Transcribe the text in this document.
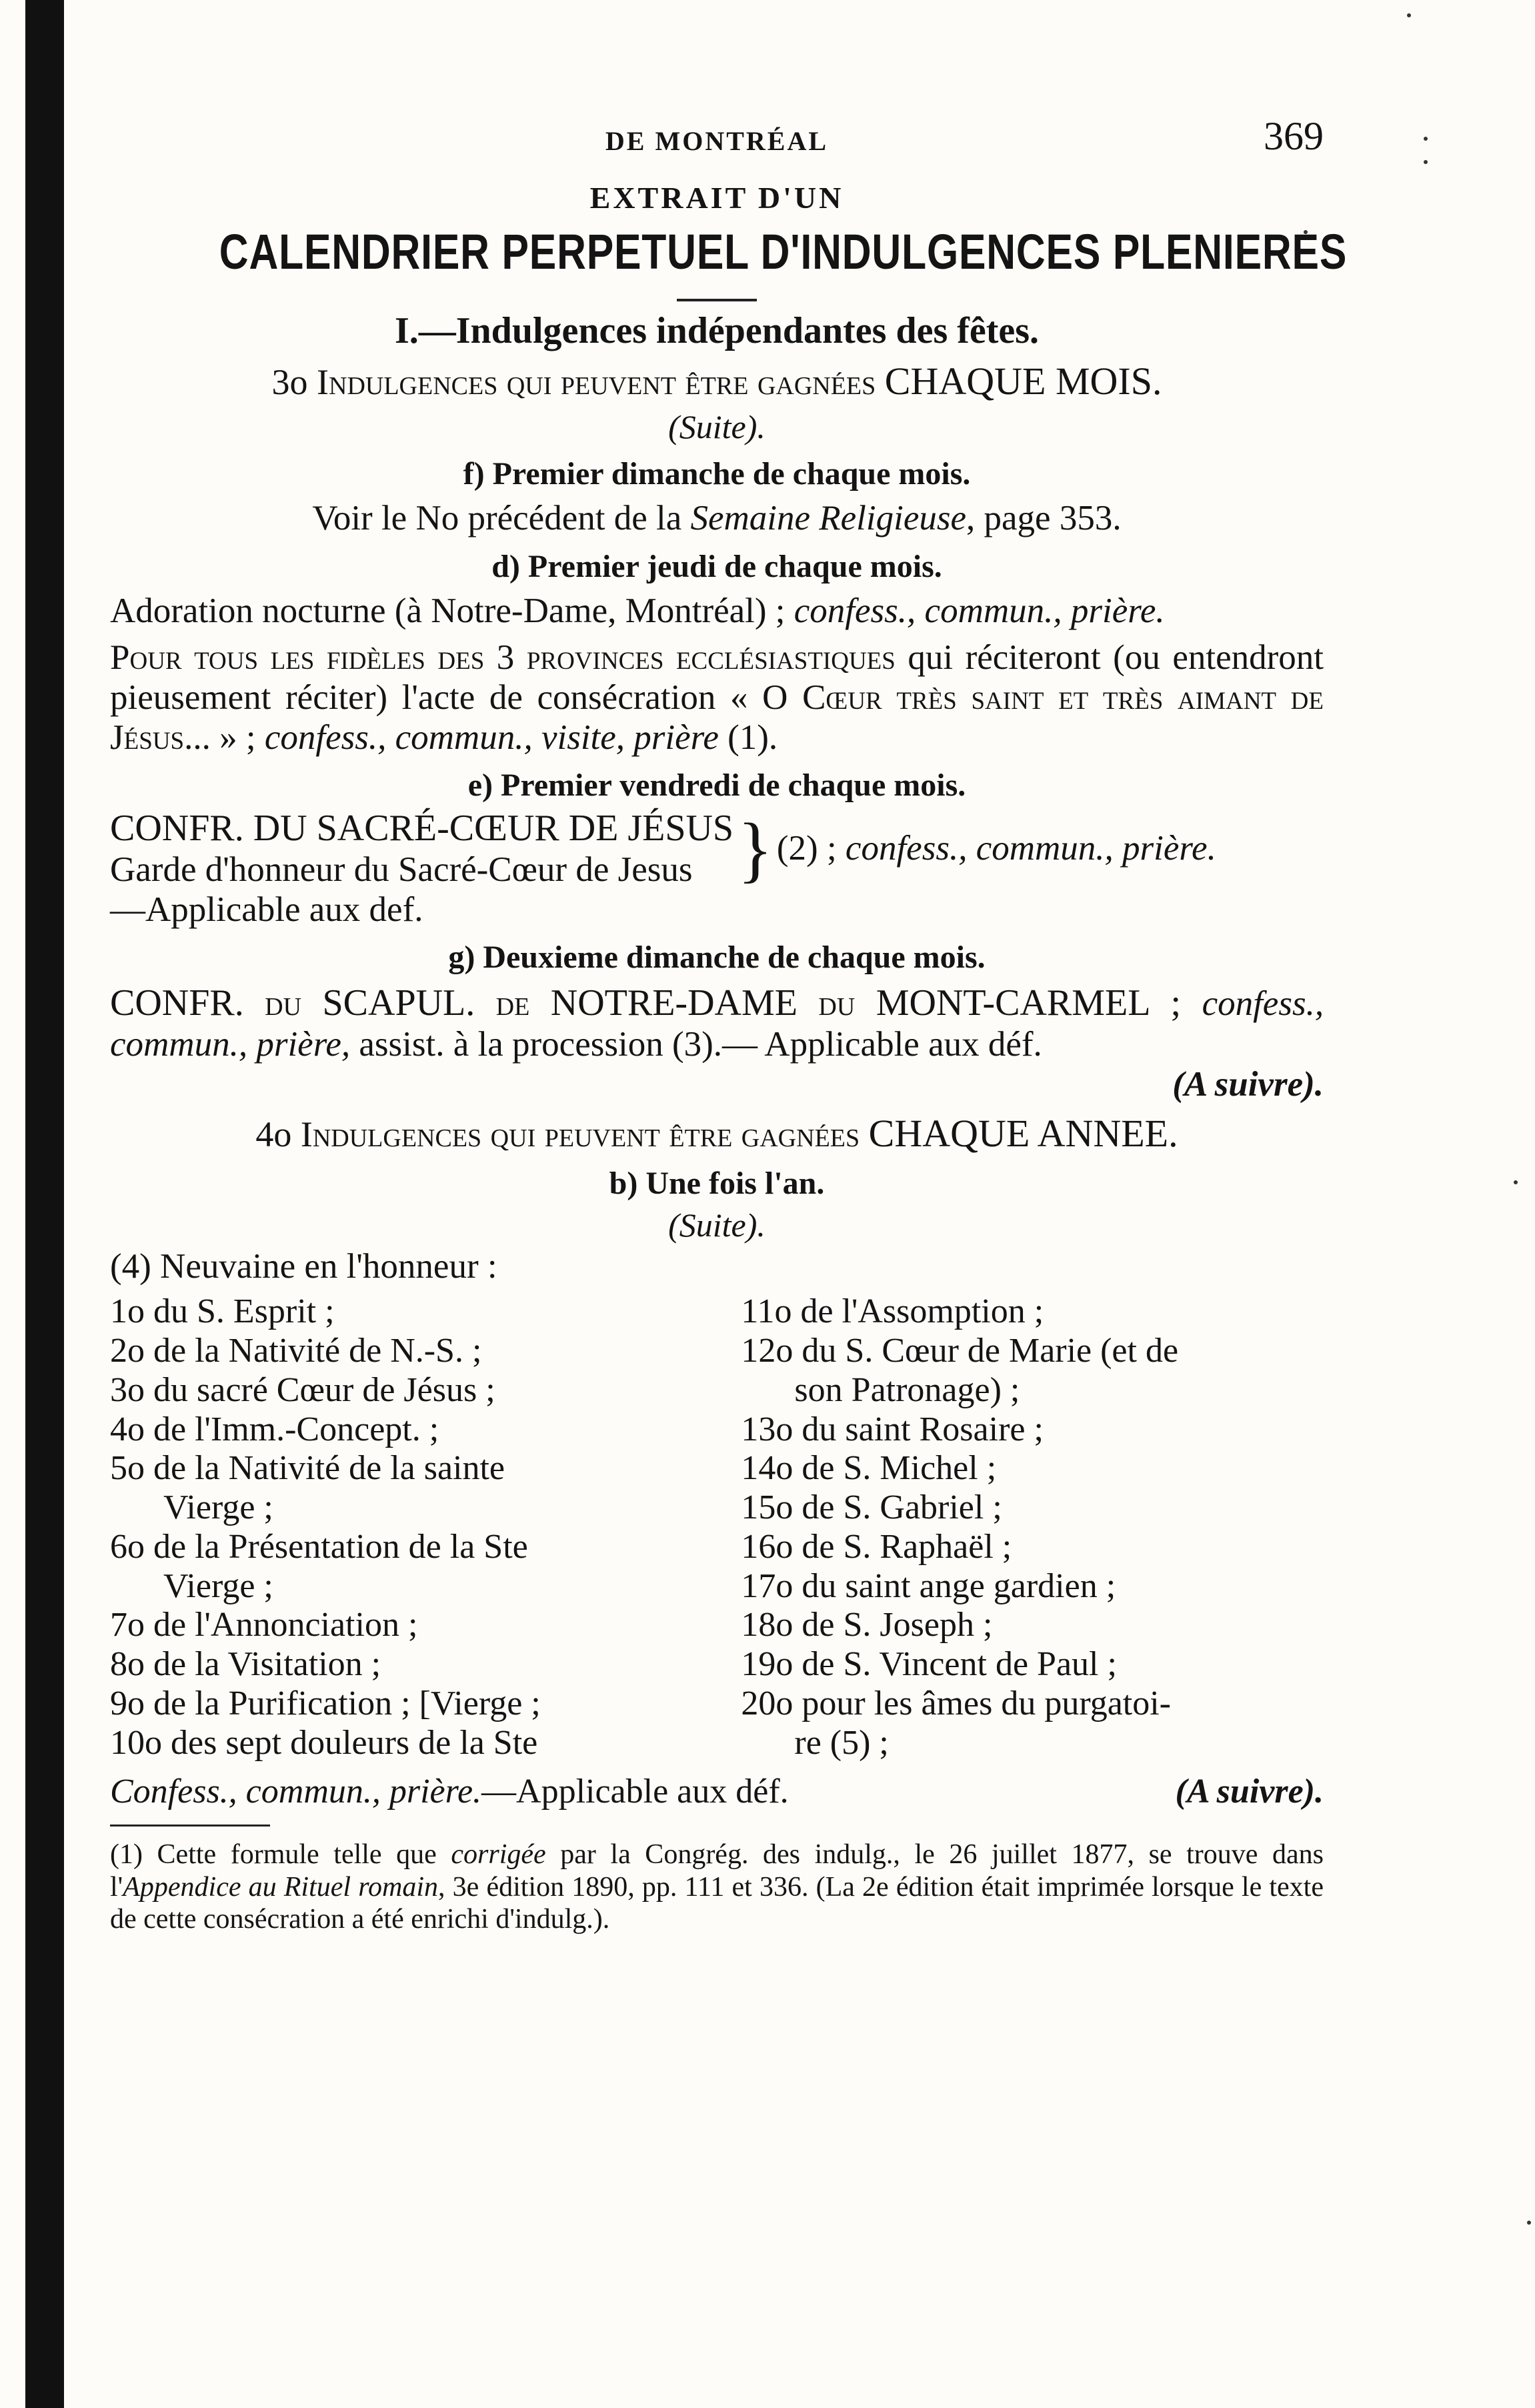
DE MONTRÉAL	369
EXTRAIT D'UN
CALENDRIER PERPETUEL D'INDULGENCES PLENIERES
I.—Indulgences indépendantes des fêtes.
3o Indulgences qui peuvent être gagnées CHAQUE MOIS.
(Suite).
f) Premier dimanche de chaque mois.
Voir le No précédent de la Semaine Religieuse, page 353.
d) Premier jeudi de chaque mois.
Adoration nocturne (à Notre-Dame, Montréal) ; confess., commun., prière.
Pour tous les fidèles des 3 provinces ecclésiastiques qui réciteront (ou entendront pieusement réciter) l'acte de consécration « O Cœur très saint et très aimant de Jésus... » ; confess., commun., visite, prière (1).
e) Premier vendredi de chaque mois.
CONFR. DU SACRÉ-CŒUR DE JÉSUS
Garde d'honneur du Sacré-Cœur de Jesus } (2) ; confess., commun., prière.
—Applicable aux def.
g) Deuxieme dimanche de chaque mois.
CONFR. DU SCAPUL. DE NOTRE-DAME DU MONT-CARMEL ; confess., commun., prière, assist. à la procession (3).— Applicable aux déf.
(A suivre).
4o Indulgences qui peuvent être gagnées CHAQUE ANNEE.
b) Une fois l'an.
(Suite).
(4) Neuvaine en l'honneur :
1o du S. Esprit ;
2o de la Nativité de N.-S. ;
3o du sacré Cœur de Jésus ;
4o de l'Imm.-Concept. ;
5o de la Nativité de la sainte
Vierge ;
6o de la Présentation de la Ste
Vierge ;
7o de l'Annonciation ;
8o de la Visitation ;
9o de la Purification ; [Vierge ;
10o des sept douleurs de la Ste
11o de l'Assomption ;
12o du S. Cœur de Marie (et de
son Patronage) ;
13o du saint Rosaire ;
14o de S. Michel ;
15o de S. Gabriel ;
16o de S. Raphaël ;
17o du saint ange gardien ;
18o de S. Joseph ;
19o de S. Vincent de Paul ;
20o pour les âmes du purgatoi-
re (5) ;
Confess., commun., prière.—Applicable aux déf.	(A suivre).
(1) Cette formule telle que corrigée par la Congrég. des indulg., le 26 juillet 1877, se trouve dans l'Appendice au Rituel romain, 3e édition 1890, pp. 111 et 336. (La 2e édition était imprimée lorsque le texte de cette consécration a été enrichi d'indulg.).
